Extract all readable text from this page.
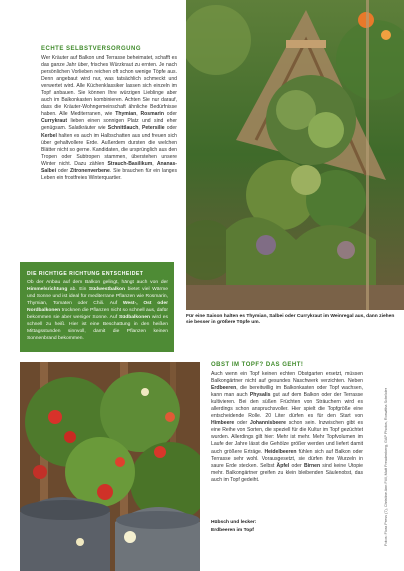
ECHTE SELBSTVERSORGUNG
Wer Kräuter auf Balkon und Terrasse beheimatet, schafft es das ganze Jahr über, frisches Würzkraut zu ernten. Je nach persönlichen Vorlieben reichen oft schon wenige Töpfe aus. Denn angebaut wird nur, was tatsächlich schmeckt und verwertet wird. Alle Küchenklassiker lassen sich einzeln im Topf anbauen. Sie können Ihre würzigen Lieblinge aber auch im Balkonkasten kombinieren. Achten Sie nur darauf, dass die Kräuter-Wohngemeinschaft ähnliche Bedürfnisse haben. Alle Mediterranen, wie Thymian, Rosmarin oder Currykraut lieben einen sonnigen Platz und sind eher genügsam. Salatkräuter wie Schnittlauch, Petersilie oder Kerbel halten es auch im Halbschatten aus und freuen sich über gehaltvollere Erde. Außerdem dursten die welchen Blätter nicht so gerne. Kandidaten, die ursprünglich aus den Tropen oder Subtropen stammen, überstehen unsere Winter nicht. Dazu zählen Strauch-Basilikum, Ananas-Salbei oder Zitronenverbene. Sie brauchen für ein langes Leben ein frostfreies Winterquartier.
Für eine Saison halten es Thymian, Salbei oder Currykraut im Weinregal aus, dann ziehen sie besser in größere Töpfe um.
DIE RICHTIGE RICHTUNG ENTSCHEIDET
Ob der Anbau auf dem Balkon gelingt, hängt auch von der Himmelsrichtung ab. Ein Südwestbalkon bietet viel Wärme und Sonne und ist ideal für mediterrane Pflanzen wie Rosmarin, Thymian, Tomaten oder Chili. Auf West-, Ost oder Nordbalkonen trocknen die Pflanzen nicht so schnell aus, dafür bekommen sie aber weniger Sonne. Auf Südbalkonen wird es schnell zu heiß. Hier ist eine Beschattung in den heißen Mittagsstunden sinnvoll, damit die Pflanzen keinen Sonnenbrand bekommen.
OBST IM TOPF? DAS GEHT!
Auch wenn ein Topf keinen echten Obstgarten ersetzt, müssen Balkongärtner nicht auf gesundes Naschwerk verzichten. Neben Erdbeeren, die bereitwillig im Balkonkasten oder Topf wachsen, kann man auch Physalis gut auf dem Balkon oder der Terrasse kultivieren. Bei den süßen Früchten von Sträuchern wird es allerdings schon anspruchsvoller. Hier spielt die Topfgröße eine entscheidende Rolle. 20 Liter dürfen es für den Start von Himbeere oder Johannisbeere schon sein. Inzwischen gibt es eine Reihe von Sorten, die speziell für die Kultur im Topf gezüchtet wurden. Allerdings gilt hier: Mehr ist mehr. Mehr Topfvolumen im Laufe der Jahre lässt die Gehölze größer werden und liefert damit auch größere Erträge. Heidelbeeren fühlen sich auf Balkon oder Terrasse sehr wohl. Vorausgesetzt, sie dürfen ihre Wurzeln in saure Erde stecken. Selbst Äpfel oder Birnen sind keine Utopie mehr. Balkongärtner greifen zu klein bleibenden Säulenobst, das auch im Topf gedeiht.
Hübsch und lecker:
Erdbeeren im Topf	Fotos: Flora Press (7), Christine Ann Föll, Matt Freudenberg, GAP Photos, Roswitha Schröder
